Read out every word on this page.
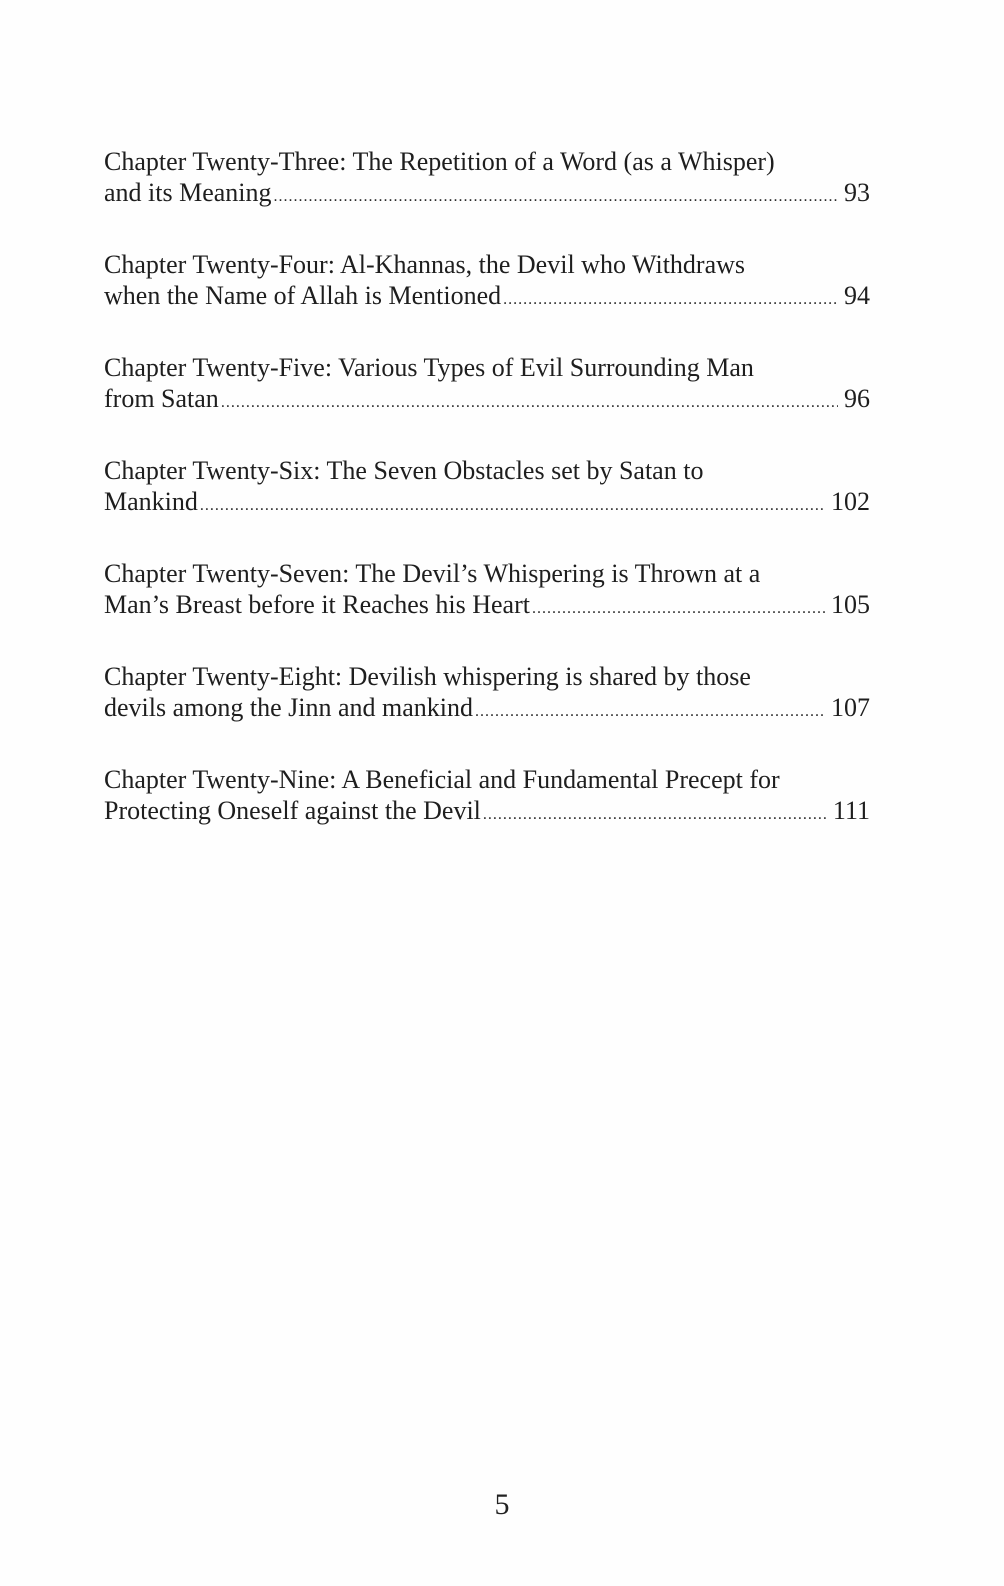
Chapter Twenty-Three: The Repetition of a Word (as a Whisper)
and its Meaning .....	93
Chapter Twenty-Four: Al-Khannas, the Devil who Withdraws
when the Name of Allah is Mentioned .....	94
Chapter Twenty-Five: Various Types of Evil Surrounding Man
from Satan .....	96
Chapter Twenty-Six: The Seven Obstacles set by Satan to
Mankind .....	102
Chapter Twenty-Seven: The Devil’s Whispering is Thrown at a
Man’s Breast before it Reaches his Heart .....	105
Chapter Twenty-Eight: Devilish whispering is shared by those
devils among the Jinn and mankind .....	107
Chapter Twenty-Nine: A Beneficial and Fundamental Precept for
Protecting Oneself against the Devil .....	111
5
